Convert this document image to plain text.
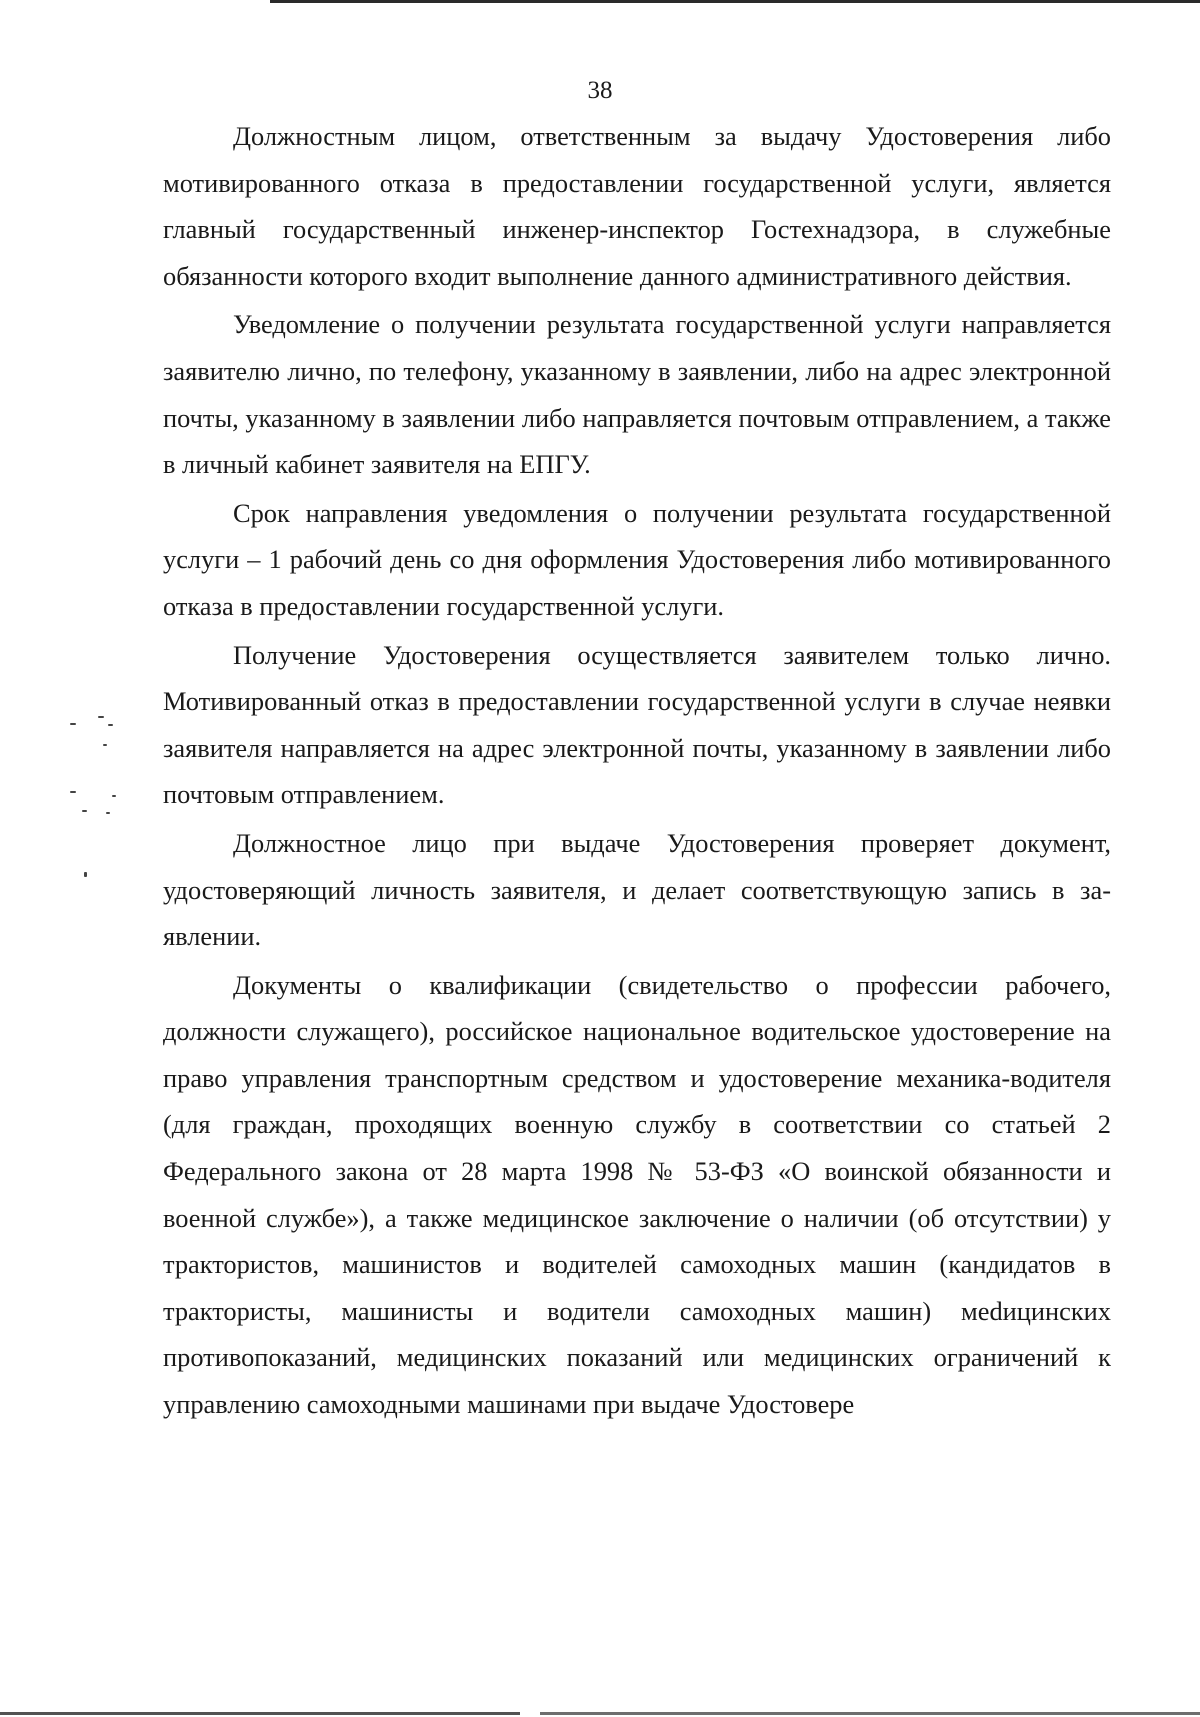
38

Должностным лицом, ответственным за выдачу Удостоверения либо мотивированного отказа в предоставлении государственной услуги, является главный государственный инженер-инспектор Гостехнадзора, в служебные обязанности которого входит выполнение данного административного действия.

Уведомление о получении результата государственной услуги направляется заявителю лично, по телефону, указанному в заявлении, либо на адрес электронной почты, указанному в заявлении либо направляется почтовым отправлением, а также в личный кабинет заявителя на ЕПГУ.

Срок направления уведомления о получении результата государственной услуги – 1 рабочий день со дня оформления Удостоверения либо мотивированного отказа в предоставлении государственной услуги.

Получение Удостоверения осуществляется заявителем только лично. Мотивированный отказ в предоставлении государственной услуги в случае неявки заявителя направляется на адрес электронной почты, указанному в заявлении либо почтовым отправлением.

Должностное лицо при выдаче Удостоверения проверяет документ, удостоверяющий личность заявителя, и делает соответствующую запись в заявлении.

Документы о квалификации (свидетельство о профессии рабочего, должности служащего), российское национальное водительское удостоверение на право управления транспортным средством и удостоверение механика-водителя (для граждан, проходящих военную службу в соответствии со статьей 2 Федерального закона от 28 марта 1998 № 53-ФЗ «О воинской обязанности и военной службе»), а также медицинское заключение о наличии (об отсутствии) у трактористов, машинистов и водителей самоходных машин (кандидатов в трактористы, машинисты и водители самоходных машин) меdицинских противопоказаний, медицинских показаний или медицинских ограничений к управлению самоходными машинами при выдаче Удостовере
